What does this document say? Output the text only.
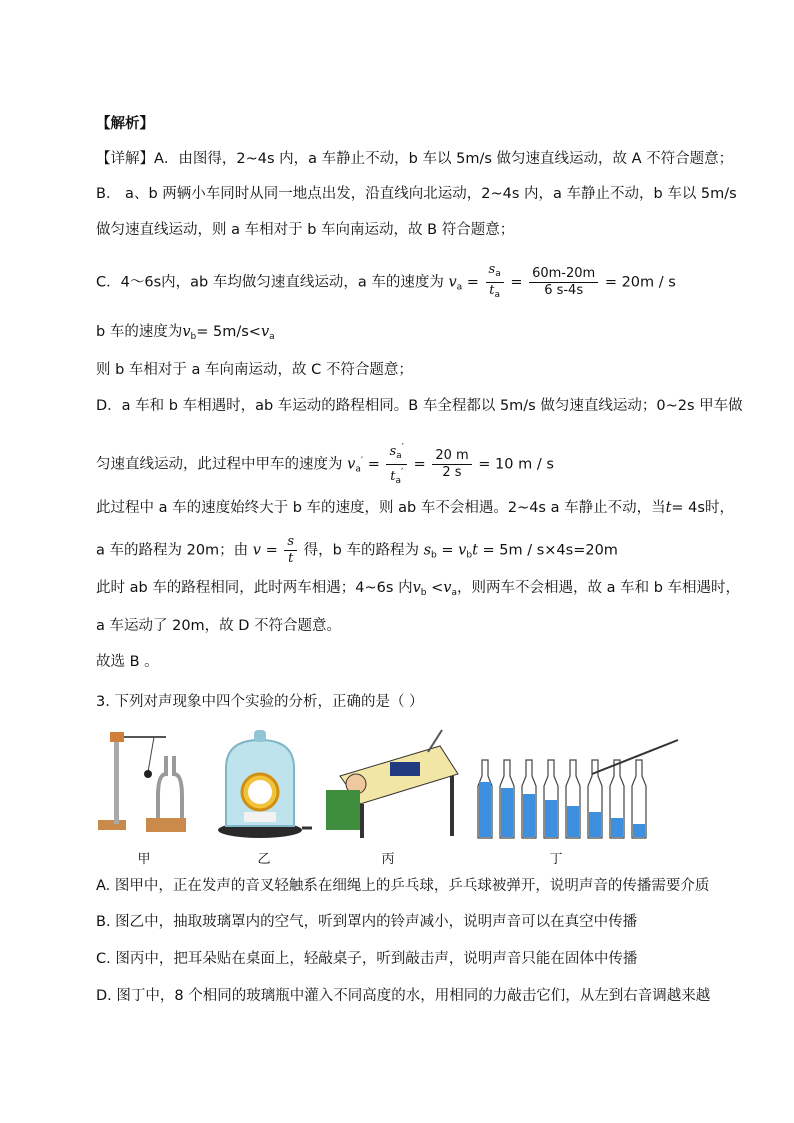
【解析】
【详解】A．由图得，2~4s 内，a 车静止不动，b 车以 5m/s 做匀速直线运动，故 A 不符合题意；
B． a、b 两辆小车同时从同一地点出发，沿直线向北运动，2~4s 内，a 车静止不动，b 车以 5m/s
做匀速直线运动，则 a 车相对于 b 车向南运动，故 B 符合题意；
C．4～6s内，ab 车均做匀速直线运动，a 车的速度为 $v_a = \frac{s_a}{t_a} = \frac{60m-20m}{6 s-4s} = 20m / s$
b 车的速度为$v_b= 5m/s<v_a$
则 b 车相对于 a 车向南运动，故 C 不符合题意；
D．a 车和 b 车相遇时，ab 车运动的路程相同。B 车全程都以 5m/s 做匀速直线运动；0~2s 甲车做
匀速直线运动，此过程中甲车的速度为 $v_a' = \frac{s_a'}{t_a'} = \frac{20 m}{2 s} = 10$ m / s
此过程中 a 车的速度始终大于 b 车的速度，则 ab 车不会相遇。2~4s a 车静止不动，当t= 4s时，
a 车的路程为 20m；由 $v = \frac{s}{t}$ 得，b 车的路程为 $s_b = v_bt = 5m / s\times 4s=20m$
此时 ab 车的路程相同，此时两车相遇；4~6s 内$v_b <v_a$，则两车不会相遇，故 a 车和 b 车相遇时，
a 车运动了 20m，故 D 不符合题意。
故选 B 。
3. 下列对声现象中四个实验的分析，正确的是（ ）
甲	乙	丙	丁
A. 图甲中，正在发声的音叉轻触系在细绳上的乒乓球，乒乓球被弹开，说明声音的传播需要介质
B. 图乙中，抽取玻璃罩内的空气，听到罩内的铃声减小，说明声音可以在真空中传播
C. 图丙中，把耳朵贴在桌面上，轻敲桌子，听到敲击声，说明声音只能在固体中传播
D. 图丁中，8 个相同的玻璃瓶中灌入不同高度的水，用相同的力敲击它们，从左到右音调越来越
